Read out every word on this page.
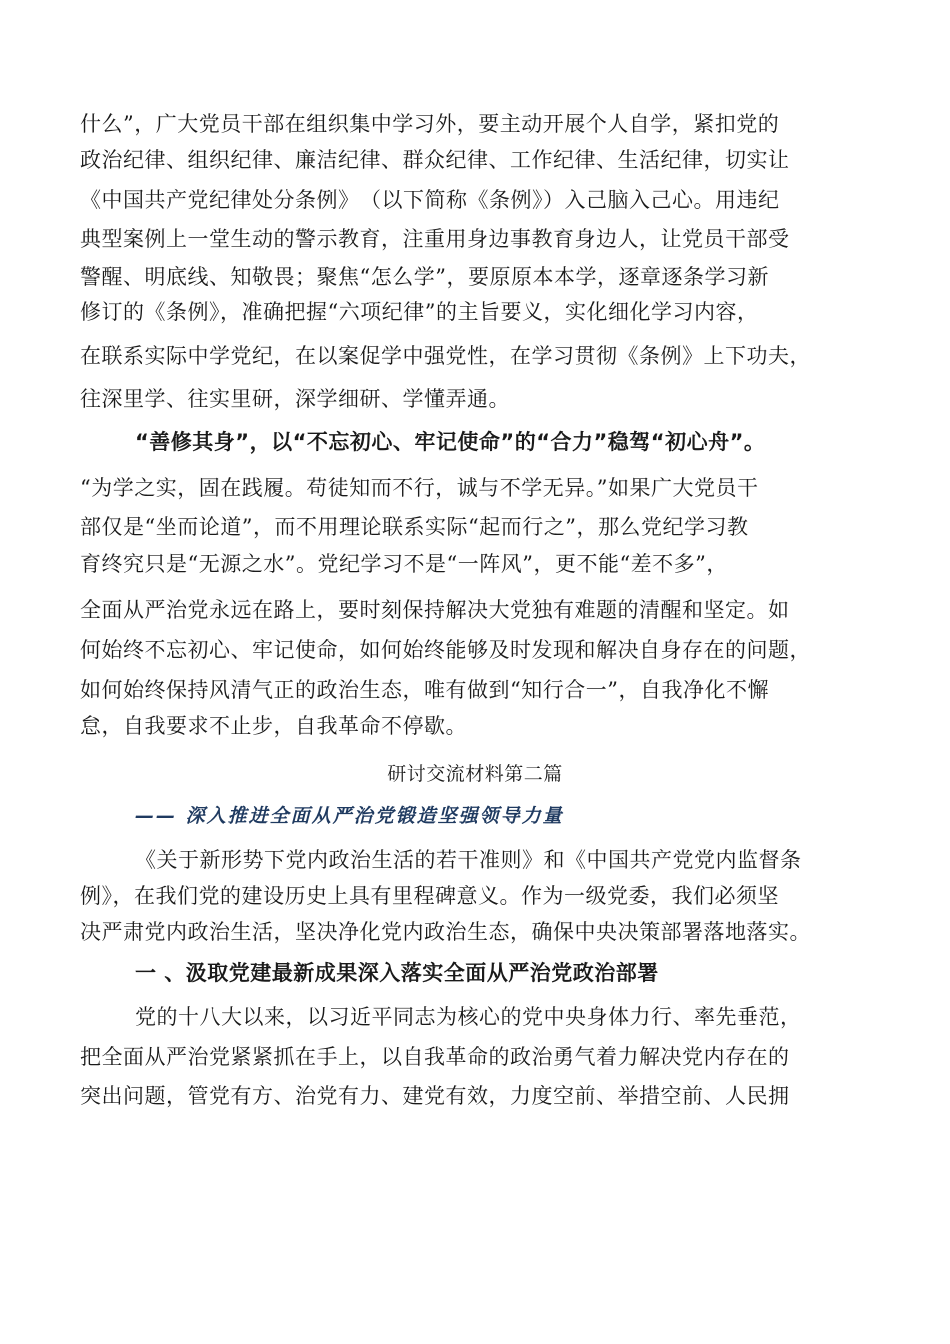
什么”，广大党员干部在组织集中学习外，要主动开展个人自学，紧扣党的
政治纪律、组织纪律、廉洁纪律、群众纪律、工作纪律、生活纪律，切实让
《中国共产党纪律处分条例》　（以下简称《条例》）入己脑入己心。用违纪
典型案例上一堂生动的警示教育，注重用身边事教育身边人，让党员干部受
警醒、明底线、知敬畏；聚焦“怎么学”，要原原本本学，逐章逐条学习新
修订的《条例》，准确把握“六项纪律”的主旨要义，实化细化学习内容，
在联系实际中学党纪，在以案促学中强党性，在学习贯彻《条例》上下功夫，
往深里学、往实里研，深学细研、学懂弄通。
“善修其身”，以“不忘初心、牢记使命”的“合力”稳驾“初心舟”。
“为学之实，固在践履。苟徒知而不行，诚与不学无异。”如果广大党员干
部仅是“坐而论道”，而不用理论联系实际“起而行之”，那么党纪学习教
育终究只是“无源之水”。党纪学习不是“一阵风”，更不能“差不多”，
全面从严治党永远在路上，要时刻保持解决大党独有难题的清醒和坚定。如
何始终不忘初心、牢记使命，如何始终能够及时发现和解决自身存在的问题，
如何始终保持风清气正的政治生态，唯有做到“知行合一”，自我净化不懈
怠，自我要求不止步，自我革命不停歇。
研讨交流材料第二篇
—— 深入推进全面从严治党锻造坚强领导力量
《关于新形势下党内政治生活的若干准则》和《中国共产党党内监督条
例》，在我们党的建设历史上具有里程碑意义。作为一级党委，我们必须坚
决严肃党内政治生活，坚决净化党内政治生态，确保中央决策部署落地落实。
一 、汲取党建最新成果深入落实全面从严治党政治部署
党的十八大以来，以习近平同志为核心的党中央身体力行、率先垂范，
把全面从严治党紧紧抓在手上，以自我革命的政治勇气着力解决党内存在的
突出问题，管党有方、治党有力、建党有效，力度空前、举措空前、人民拥
